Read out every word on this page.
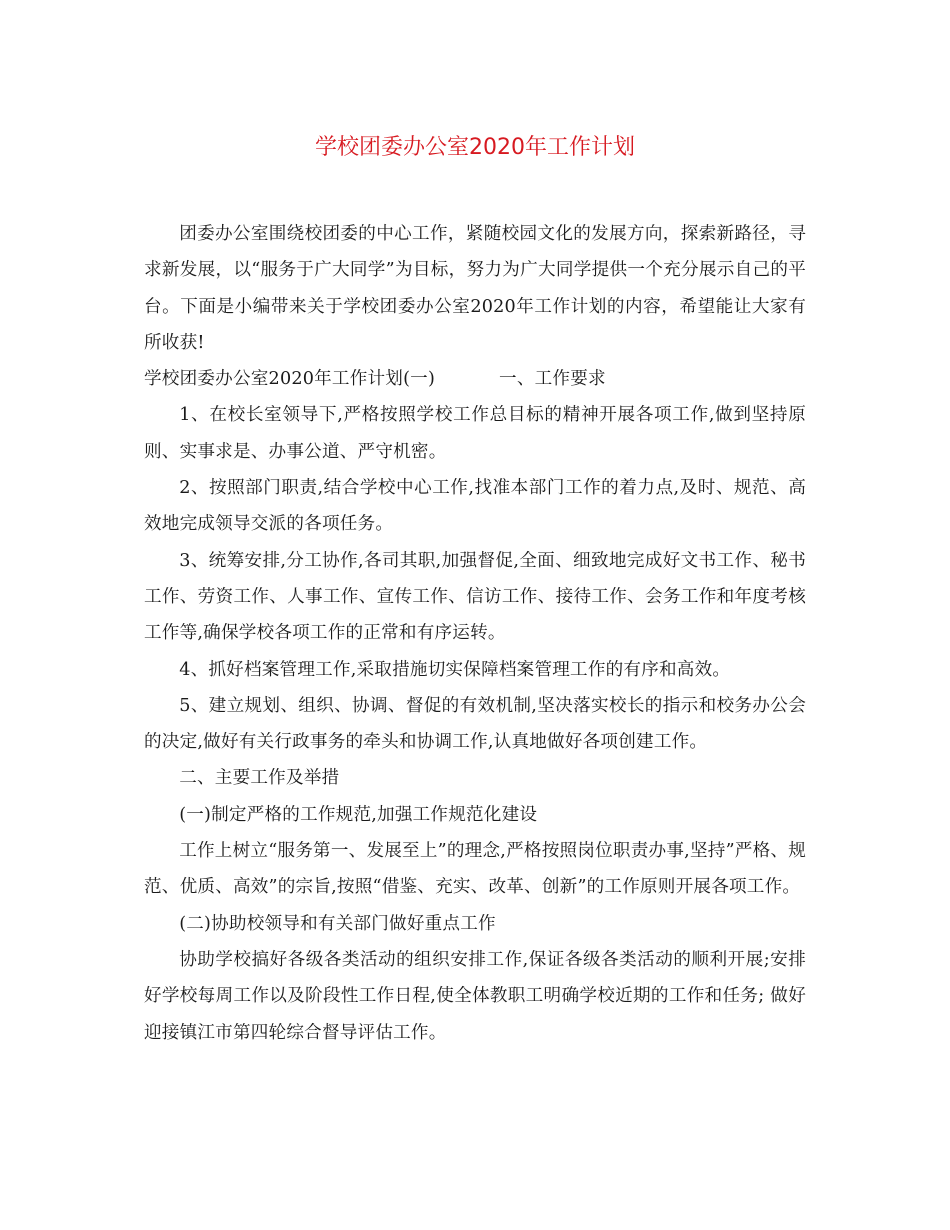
学校团委办公室2020年工作计划

团委办公室围绕校团委的中心工作，紧随校园文化的发展方向，探索新路径，寻求新发展，以“服务于广大同学”为目标，努力为广大同学提供一个充分展示自己的平台。下面是小编带来关于学校团委办公室2020年工作计划的内容，希望能让大家有所收获!

学校团委办公室2020年工作计划(一)	一、工作要求

1、在校长室领导下,严格按照学校工作总目标的精神开展各项工作,做到坚持原则、实事求是、办事公道、严守机密。

2、按照部门职责,结合学校中心工作,找准本部门工作的着力点,及时、规范、高效地完成领导交派的各项任务。

3、统筹安排,分工协作,各司其职,加强督促,全面、细致地完成好文书工作、秘书工作、劳资工作、人事工作、宣传工作、信访工作、接待工作、会务工作和年度考核工作等,确保学校各项工作的正常和有序运转。

4、抓好档案管理工作,采取措施切实保障档案管理工作的有序和高效。

5、建立规划、组织、协调、督促的有效机制,坚决落实校长的指示和校务办公会的决定,做好有关行政事务的牵头和协调工作,认真地做好各项创建工作。

二、主要工作及举措

(一)制定严格的工作规范,加强工作规范化建设

工作上树立“服务第一、发展至上”的理念,严格按照岗位职责办事,坚持”严格、规范、优质、高效”的宗旨,按照“借鉴、充实、改革、创新”的工作原则开展各项工作。

(二)协助校领导和有关部门做好重点工作

协助学校搞好各级各类活动的组织安排工作,保证各级各类活动的顺利开展;安排好学校每周工作以及阶段性工作日程,使全体教职工明确学校近期的工作和任务; 做好迎接镇江市第四轮综合督导评估工作。
